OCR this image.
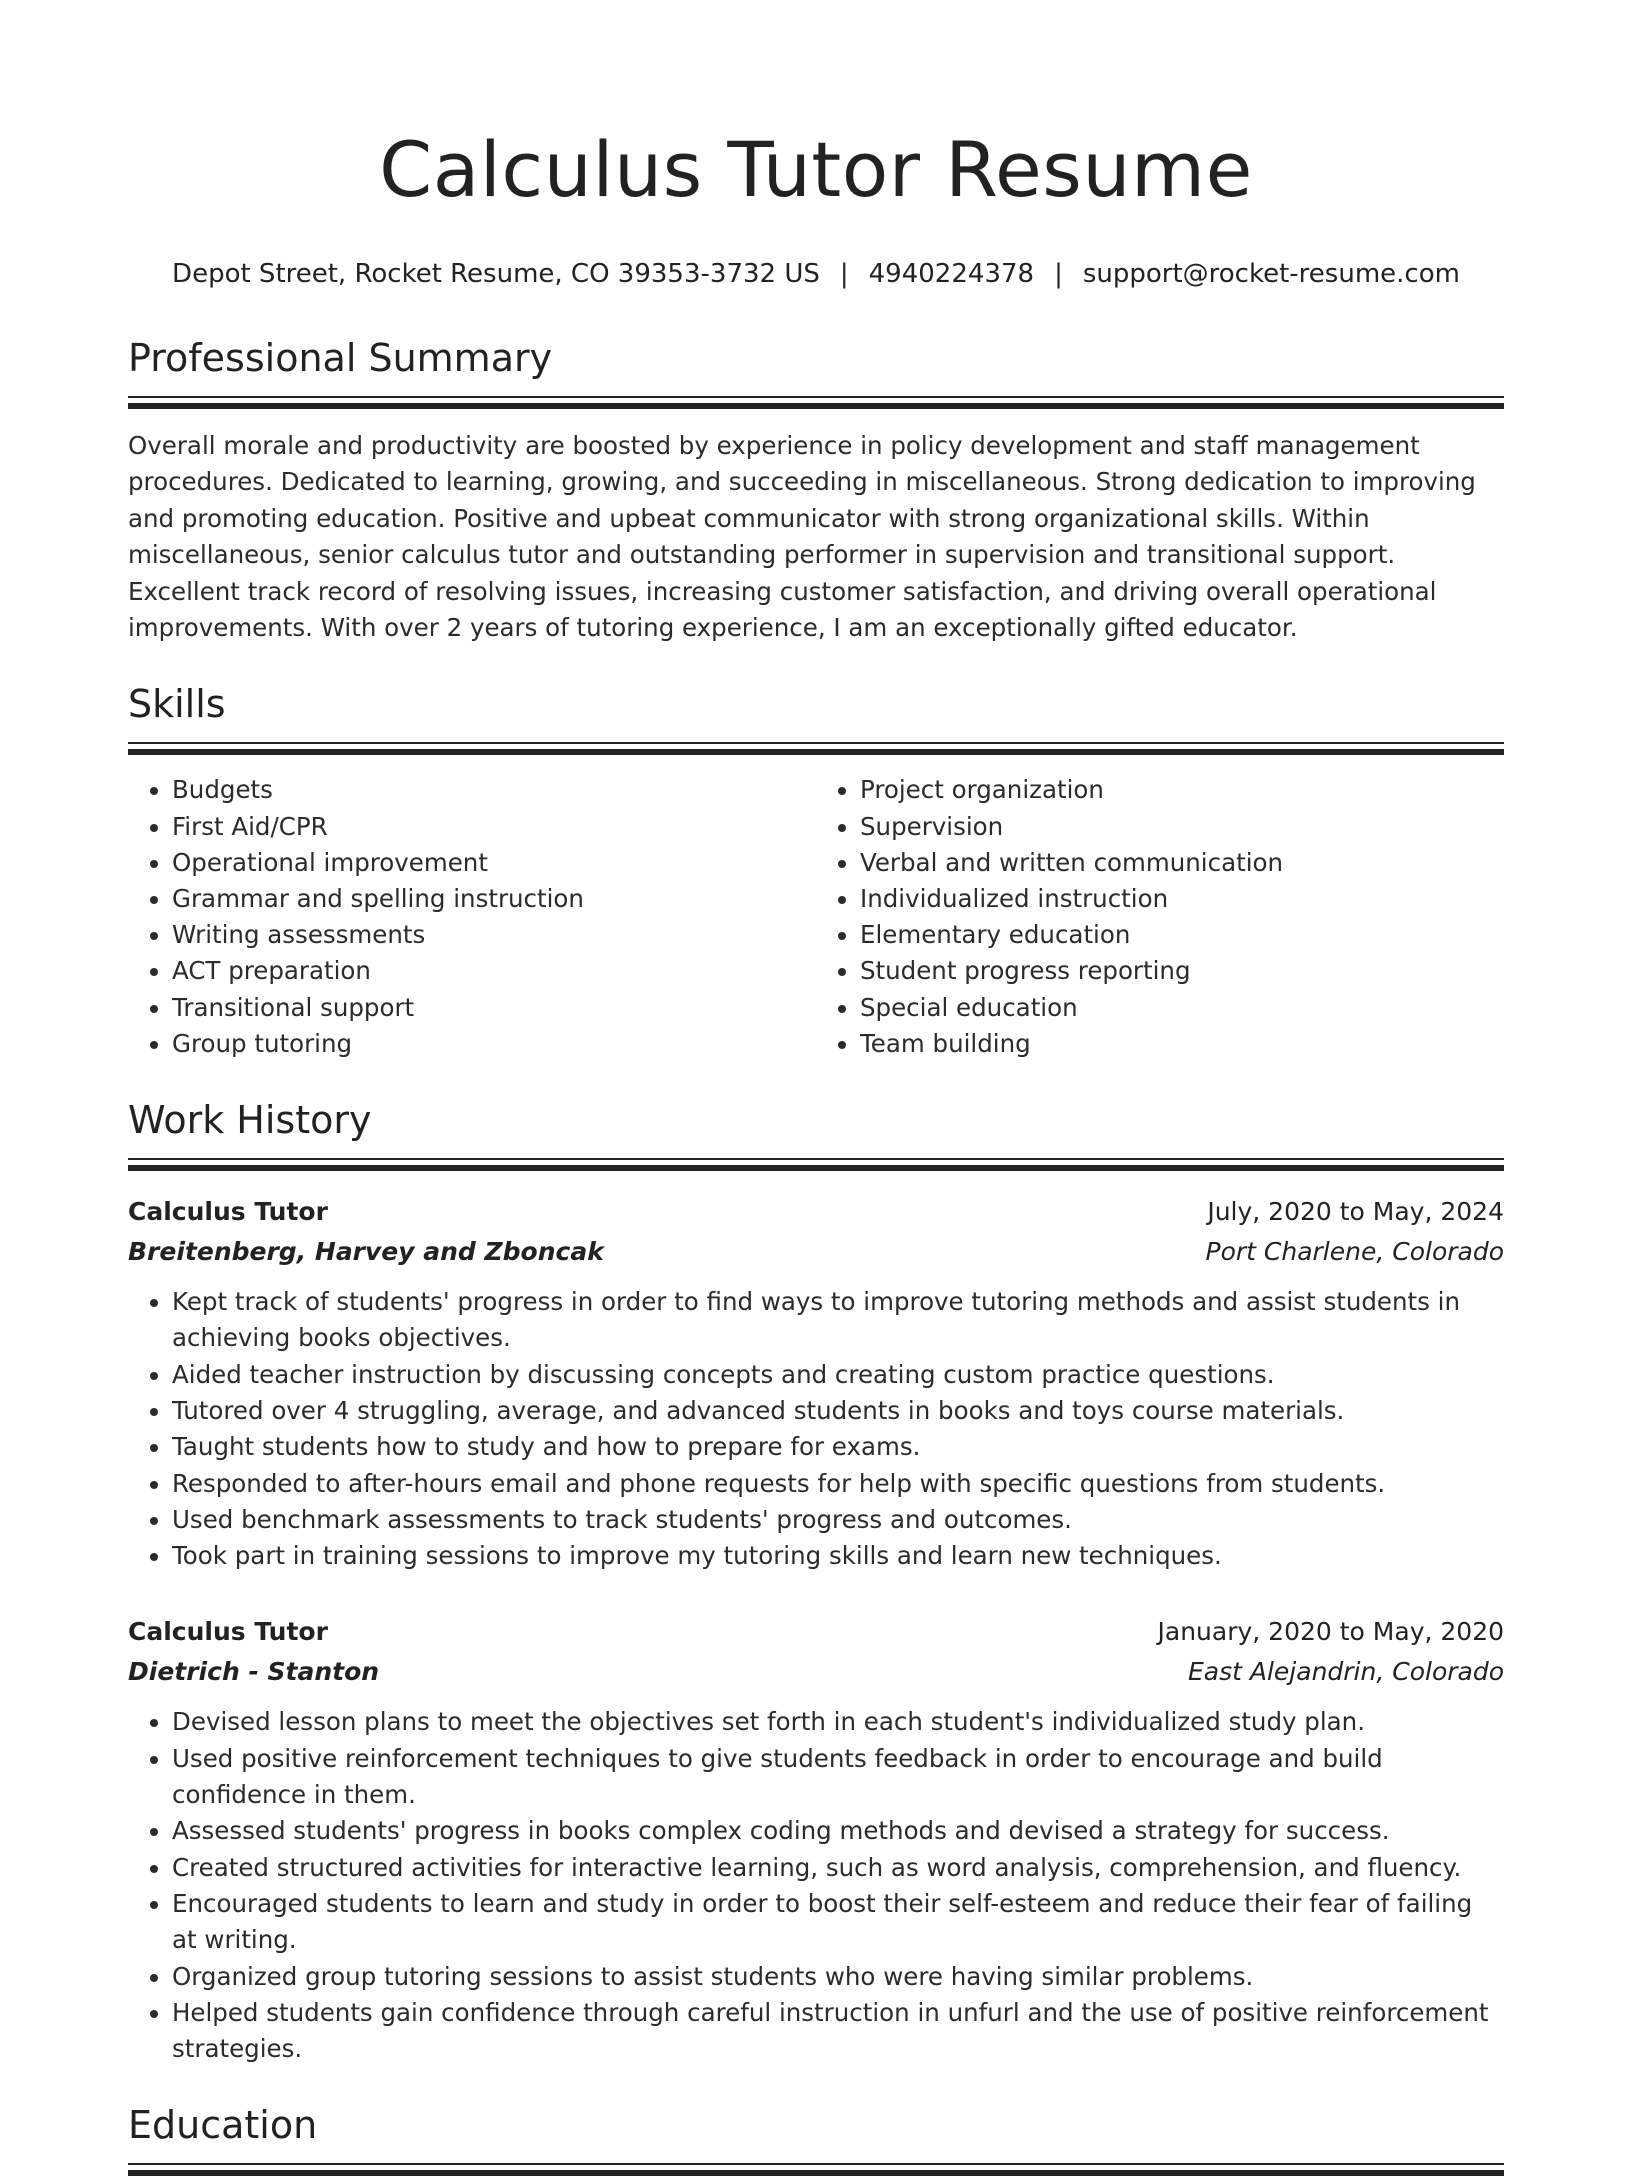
Calculus Tutor Resume
Depot Street, Rocket Resume, CO 39353-3732 US | 4940224378 | support@rocket-resume.com
Professional Summary
Overall morale and productivity are boosted by experience in policy development and staff management procedures. Dedicated to learning, growing, and succeeding in miscellaneous. Strong dedication to improving and promoting education. Positive and upbeat communicator with strong organizational skills. Within miscellaneous, senior calculus tutor and outstanding performer in supervision and transitional support. Excellent track record of resolving issues, increasing customer satisfaction, and driving overall operational improvements. With over 2 years of tutoring experience, I am an exceptionally gifted educator.
Skills
• Budgets
• First Aid/CPR
• Operational improvement
• Grammar and spelling instruction
• Writing assessments
• ACT preparation
• Transitional support
• Group tutoring
• Project organization
• Supervision
• Verbal and written communication
• Individualized instruction
• Elementary education
• Student progress reporting
• Special education
• Team building
Work History
Calculus Tutor	July, 2020 to May, 2024
Breitenberg, Harvey and Zboncak	Port Charlene, Colorado
• Kept track of students' progress in order to find ways to improve tutoring methods and assist students in achieving books objectives.
• Aided teacher instruction by discussing concepts and creating custom practice questions.
• Tutored over 4 struggling, average, and advanced students in books and toys course materials.
• Taught students how to study and how to prepare for exams.
• Responded to after-hours email and phone requests for help with specific questions from students.
• Used benchmark assessments to track students' progress and outcomes.
• Took part in training sessions to improve my tutoring skills and learn new techniques.
Calculus Tutor	January, 2020 to May, 2020
Dietrich - Stanton	East Alejandrin, Colorado
• Devised lesson plans to meet the objectives set forth in each student's individualized study plan.
• Used positive reinforcement techniques to give students feedback in order to encourage and build confidence in them.
• Assessed students' progress in books complex coding methods and devised a strategy for success.
• Created structured activities for interactive learning, such as word analysis, comprehension, and fluency.
• Encouraged students to learn and study in order to boost their self-esteem and reduce their fear of failing at writing.
• Organized group tutoring sessions to assist students who were having similar problems.
• Helped students gain confidence through careful instruction in unfurl and the use of positive reinforcement strategies.
Education
